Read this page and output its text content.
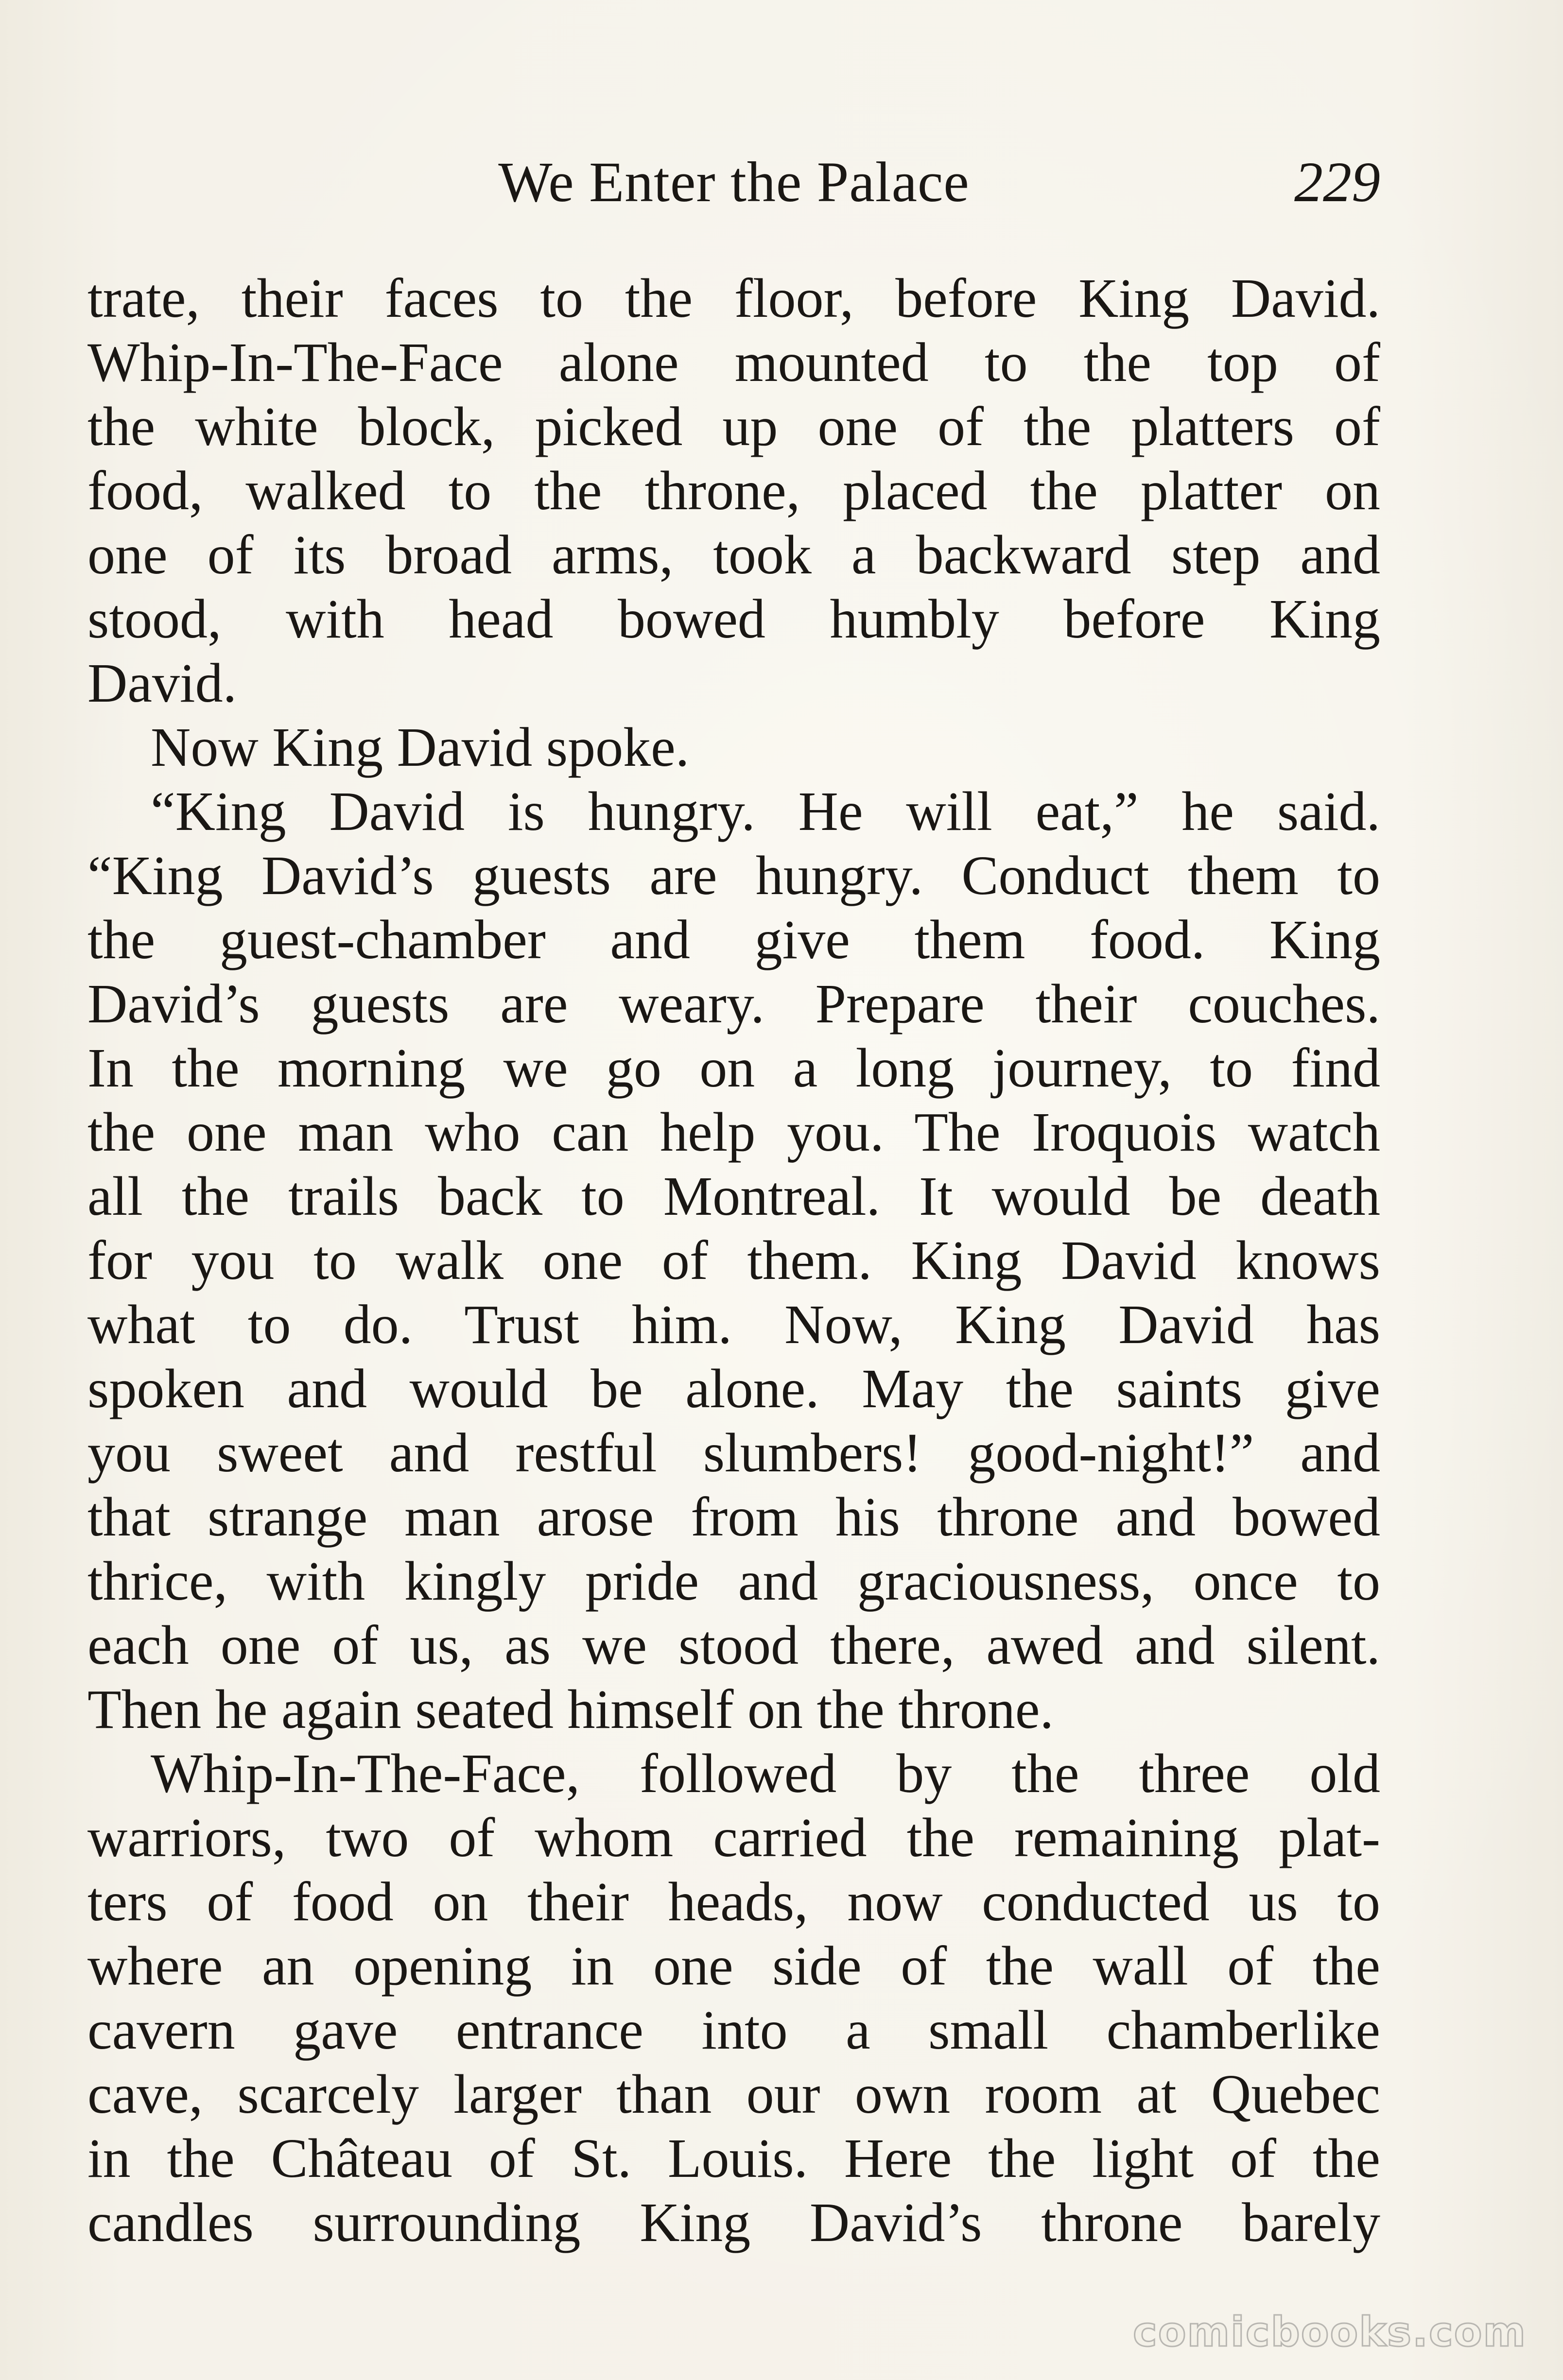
We Enter the Palace	229
trate, their faces to the floor, before King David.
Whip-In-The-Face alone mounted to the top of
the white block, picked up one of the platters of
food, walked to the throne, placed the platter on
one of its broad arms, took a backward step and
stood, with head bowed humbly before King
David.
Now King David spoke.
“King David is hungry. He will eat,” he said.
“King David’s guests are hungry. Conduct them to
the guest-chamber and give them food. King
David’s guests are weary. Prepare their couches.
In the morning we go on a long journey, to find
the one man who can help you. The Iroquois watch
all the trails back to Montreal. It would be death
for you to walk one of them. King David knows
what to do. Trust him. Now, King David has
spoken and would be alone. May the saints give
you sweet and restful slumbers! good-night!” and
that strange man arose from his throne and bowed
thrice, with kingly pride and graciousness, once to
each one of us, as we stood there, awed and silent.
Then he again seated himself on the throne.
Whip-In-The-Face, followed by the three old
warriors, two of whom carried the remaining plat-
ters of food on their heads, now conducted us to
where an opening in one side of the wall of the
cavern gave entrance into a small chamberlike
cave, scarcely larger than our own room at Quebec
in the Château of St. Louis. Here the light of the
candles surrounding King David’s throne barely
comicbooks.com
